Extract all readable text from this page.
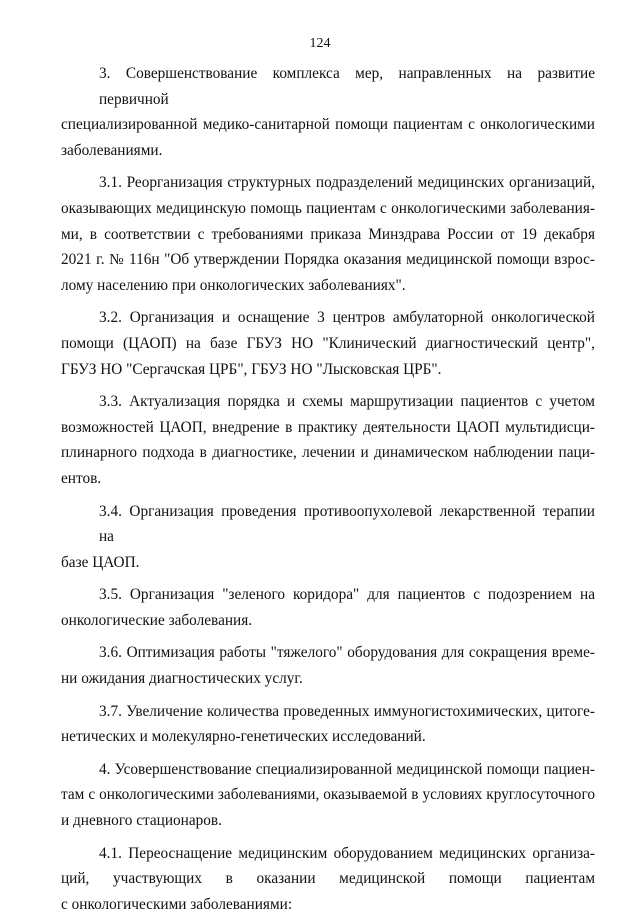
124

3. Совершенствование комплекса мер, направленных на развитие первичной
специализированной медико-санитарной помощи пациентам с онкологическими
заболеваниями.

3.1. Реорганизация структурных подразделений медицинских организаций,
оказывающих медицинскую помощь пациентам с онкологическими заболевания-
ми, в соответствии с требованиями приказа Минздрава России от 19 декабря
2021 г. № 116н "Об утверждении Порядка оказания медицинской помощи взрос-
лому населению при онкологических заболеваниях".

3.2. Организация и оснащение 3 центров амбулаторной онкологической
помощи (ЦАОП) на базе ГБУЗ НО "Клинический диагностический центр",
ГБУЗ НО "Сергачская ЦРБ", ГБУЗ НО "Лысковская ЦРБ".

3.3. Актуализация порядка и схемы маршрутизации пациентов с учетом
возможностей ЦАОП, внедрение в практику деятельности ЦАОП мультидисци-
плинарного подхода в диагностике, лечении и динамическом наблюдении паци-
ентов.

3.4. Организация проведения противоопухолевой лекарственной терапии на
базе ЦАОП.

3.5. Организация "зеленого коридора" для пациентов с подозрением на
онкологические заболевания.

3.6. Оптимизация работы "тяжелого" оборудования для сокращения време-
ни ожидания диагностических услуг.

3.7. Увеличение количества проведенных иммуногистохимических, цитоге-
нетических и молекулярно-генетических исследований.

4. Усовершенствование специализированной медицинской помощи пациен-
там с онкологическими заболеваниями, оказываемой в условиях круглосуточного
и дневного стационаров.

4.1. Переоснащение медицинским оборудованием медицинских организа-
ций, участвующих в оказании медицинской помощи пациентам
с онкологическими заболеваниями:
